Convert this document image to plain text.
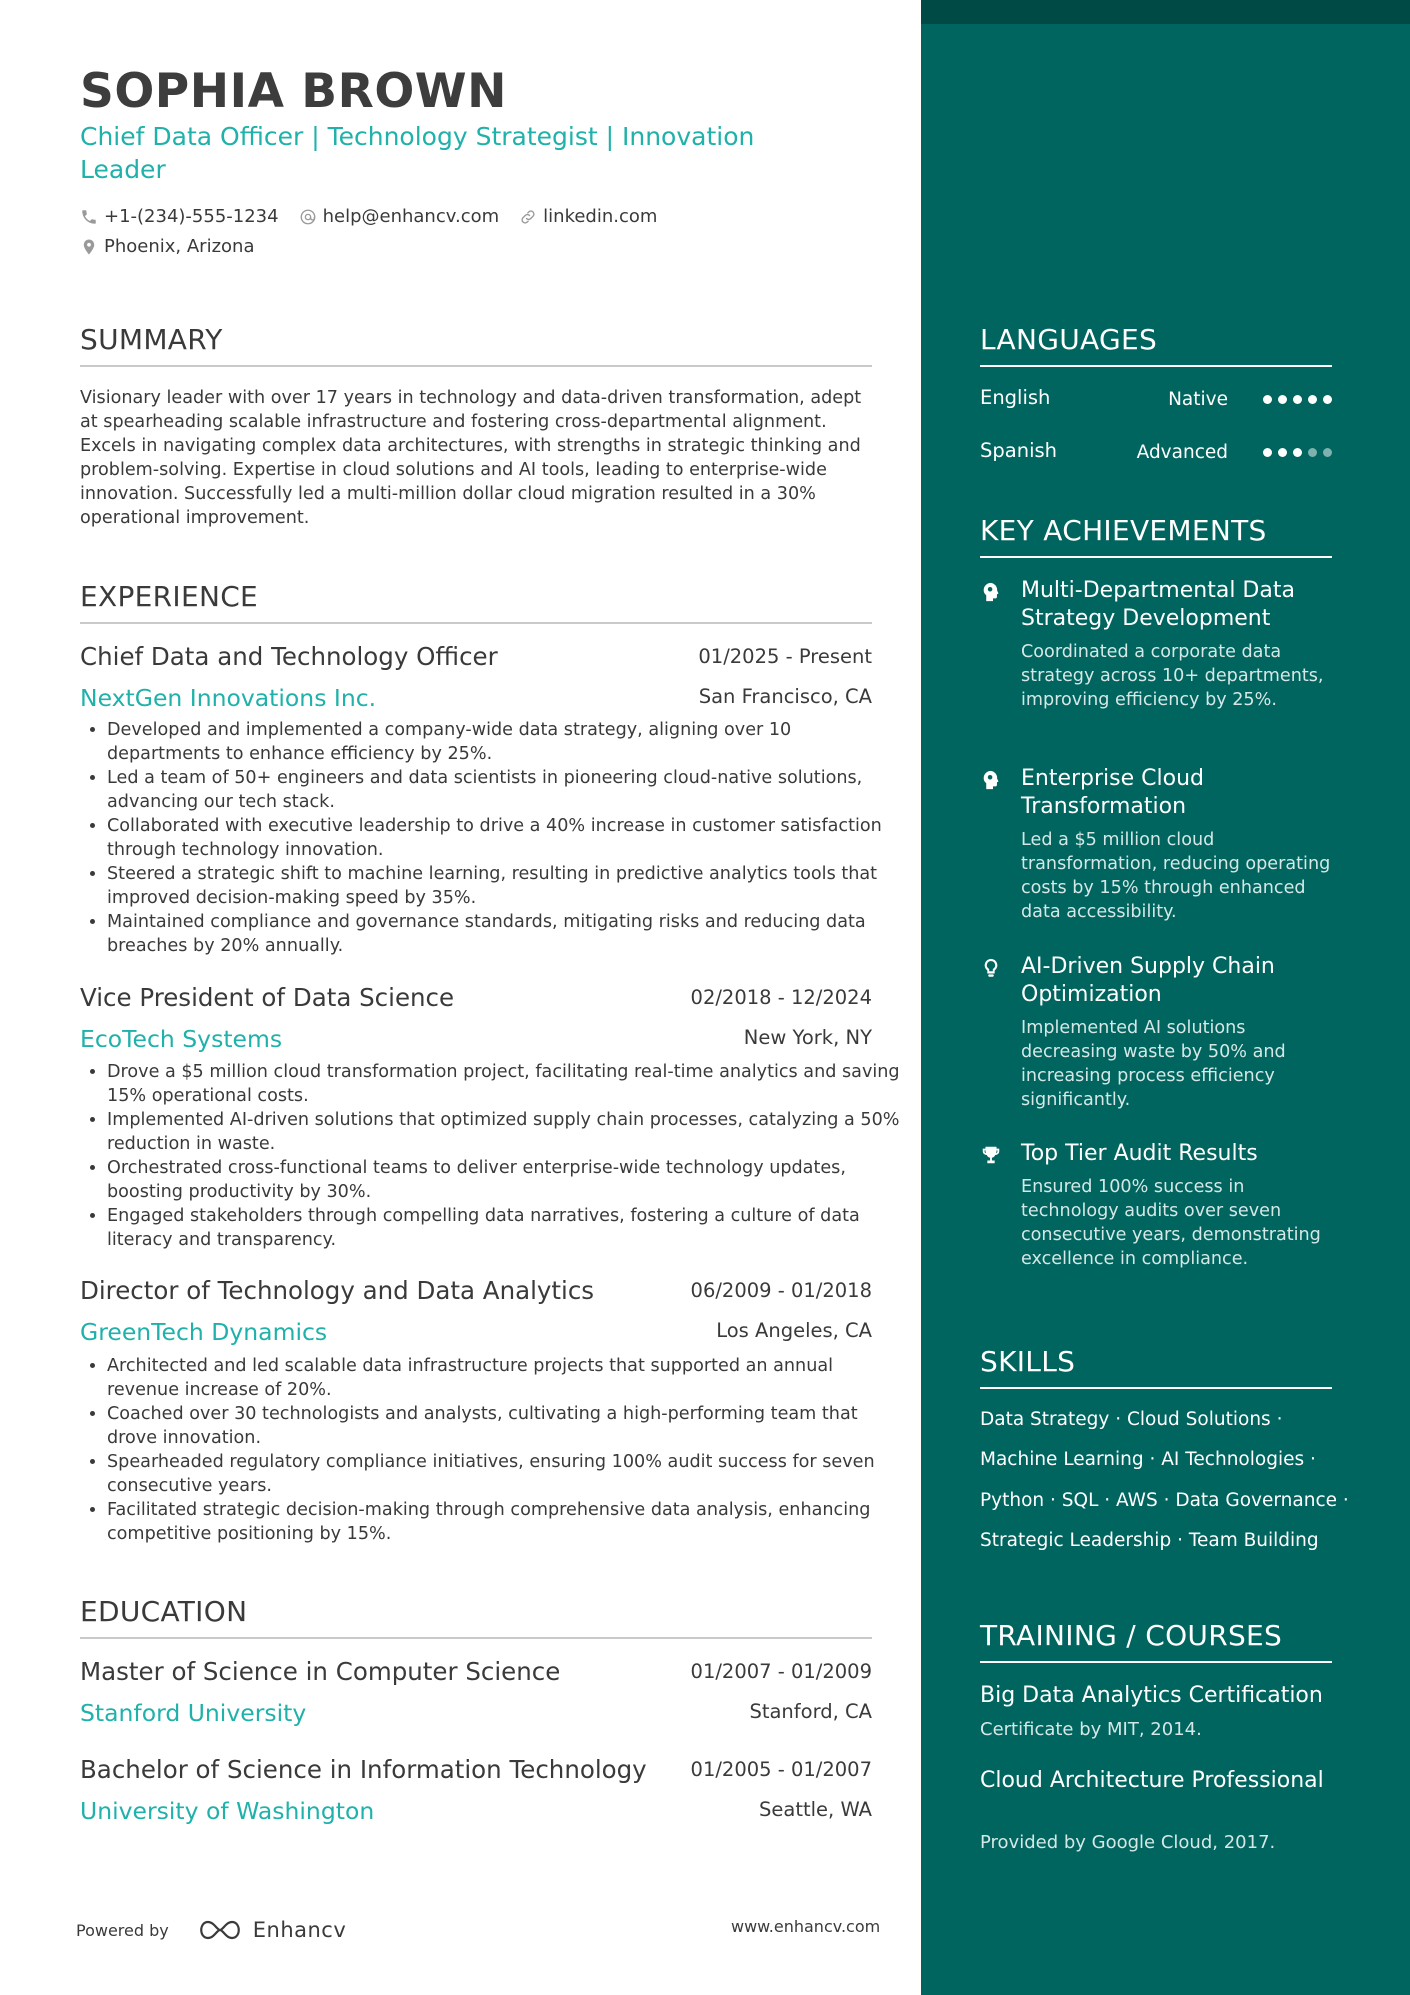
SOPHIA BROWN
Chief Data Officer | Technology Strategist | Innovation Leader
+1-(234)-555-1234 help@enhancv.com linkedin.com
Phoenix, Arizona
SUMMARY

Visionary leader with over 17 years in technology and data-driven transformation, adept at spearheading scalable infrastructure and fostering cross-departmental alignment. Excels in navigating complex data architectures, with strengths in strategic thinking and problem-solving. Expertise in cloud solutions and AI tools, leading to enterprise-wide innovation. Successfully led a multi-million dollar cloud migration resulted in a 30% operational improvement.

EXPERIENCE
Chief Data and Technology Officer	01/2025 - Present
NextGen Innovations Inc.	San Francisco, CA
• Developed and implemented a company-wide data strategy, aligning over 10 departments to enhance efficiency by 25%.
• Led a team of 50+ engineers and data scientists in pioneering cloud-native solutions, advancing our tech stack.
• Collaborated with executive leadership to drive a 40% increase in customer satisfaction through technology innovation.
• Steered a strategic shift to machine learning, resulting in predictive analytics tools that improved decision-making speed by 35%.
• Maintained compliance and governance standards, mitigating risks and reducing data breaches by 20% annually.
Vice President of Data Science	02/2018 - 12/2024
EcoTech Systems	New York, NY
• Drove a $5 million cloud transformation project, facilitating real-time analytics and saving 15% operational costs.
• Implemented AI-driven solutions that optimized supply chain processes, catalyzing a 50% reduction in waste.
• Orchestrated cross-functional teams to deliver enterprise-wide technology updates, boosting productivity by 30%.
• Engaged stakeholders through compelling data narratives, fostering a culture of data literacy and transparency.
Director of Technology and Data Analytics	06/2009 - 01/2018
GreenTech Dynamics	Los Angeles, CA
• Architected and led scalable data infrastructure projects that supported an annual revenue increase of 20%.
• Coached over 30 technologists and analysts, cultivating a high-performing team that drove innovation.
• Spearheaded regulatory compliance initiatives, ensuring 100% audit success for seven consecutive years.
• Facilitated strategic decision-making through comprehensive data analysis, enhancing competitive positioning by 15%.
EDUCATION
Master of Science in Computer Science	01/2007 - 01/2009
Stanford University	Stanford, CA
Bachelor of Science in Information Technology 01/2005 - 01/2007
University of Washington	Seattle, WA
Powered by	Enhancv	www.enhancv.com
LANGUAGES
English	Native
Spanish	Advanced
KEY ACHIEVEMENTS

Multi-Departmental Data Strategy Development

Coordinated a corporate data strategy across 10+ departments, improving efficiency by 25%.

Enterprise Cloud Transformation

Led a $5 million cloud transformation, reducing operating costs by 15% through enhanced data accessibility.

AI-Driven Supply Chain Optimization

Implemented AI solutions decreasing waste by 50% and increasing process efficiency significantly.

Top Tier Audit Results

Ensured 100% success in technology audits over seven consecutive years, demonstrating excellence in compliance.

SKILLS
Data Strategy · Cloud Solutions ·
Machine Learning · AI Technologies ·
Python · SQL · AWS · Data Governance ·
Strategic Leadership · Team Building
TRAINING / COURSES
Big Data Analytics Certification
Certificate by MIT, 2014.
Cloud Architecture Professional
Provided by Google Cloud, 2017.
